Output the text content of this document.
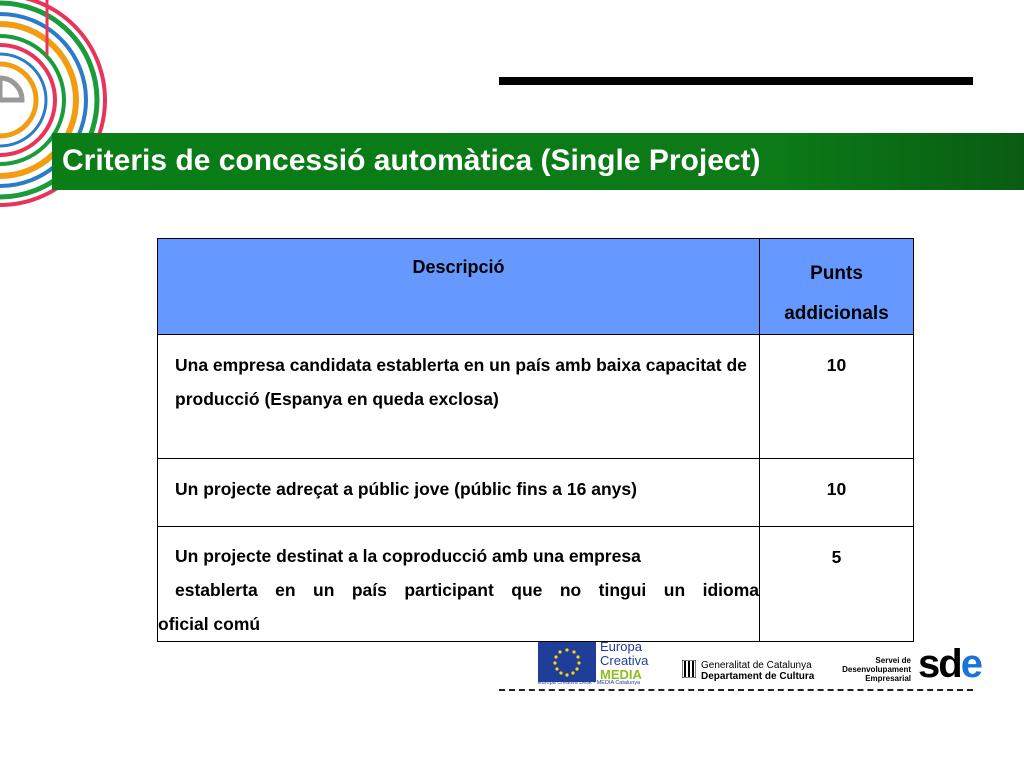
Criteris de concessió automàtica (Single Project)
Descripció	Punts addicionals

Una empresa candidata establerta en un país amb baixa capacitat de producció (Espanya en queda exclosa)	10
Un projecte adreçat a públic jove (públic fins a 16 anys)	10

Un projecte destinat a la coproducció amb una empresa
establerta en un país participant que no tingui un idioma
oficial comú	5
Europa
Creativa
MEDIA
Europa Creativa Desk - MEDIA Catalunya
Generalitat de Catalunya
Departament de Cultura
Servei de Desenvolupament Empresarial sde
